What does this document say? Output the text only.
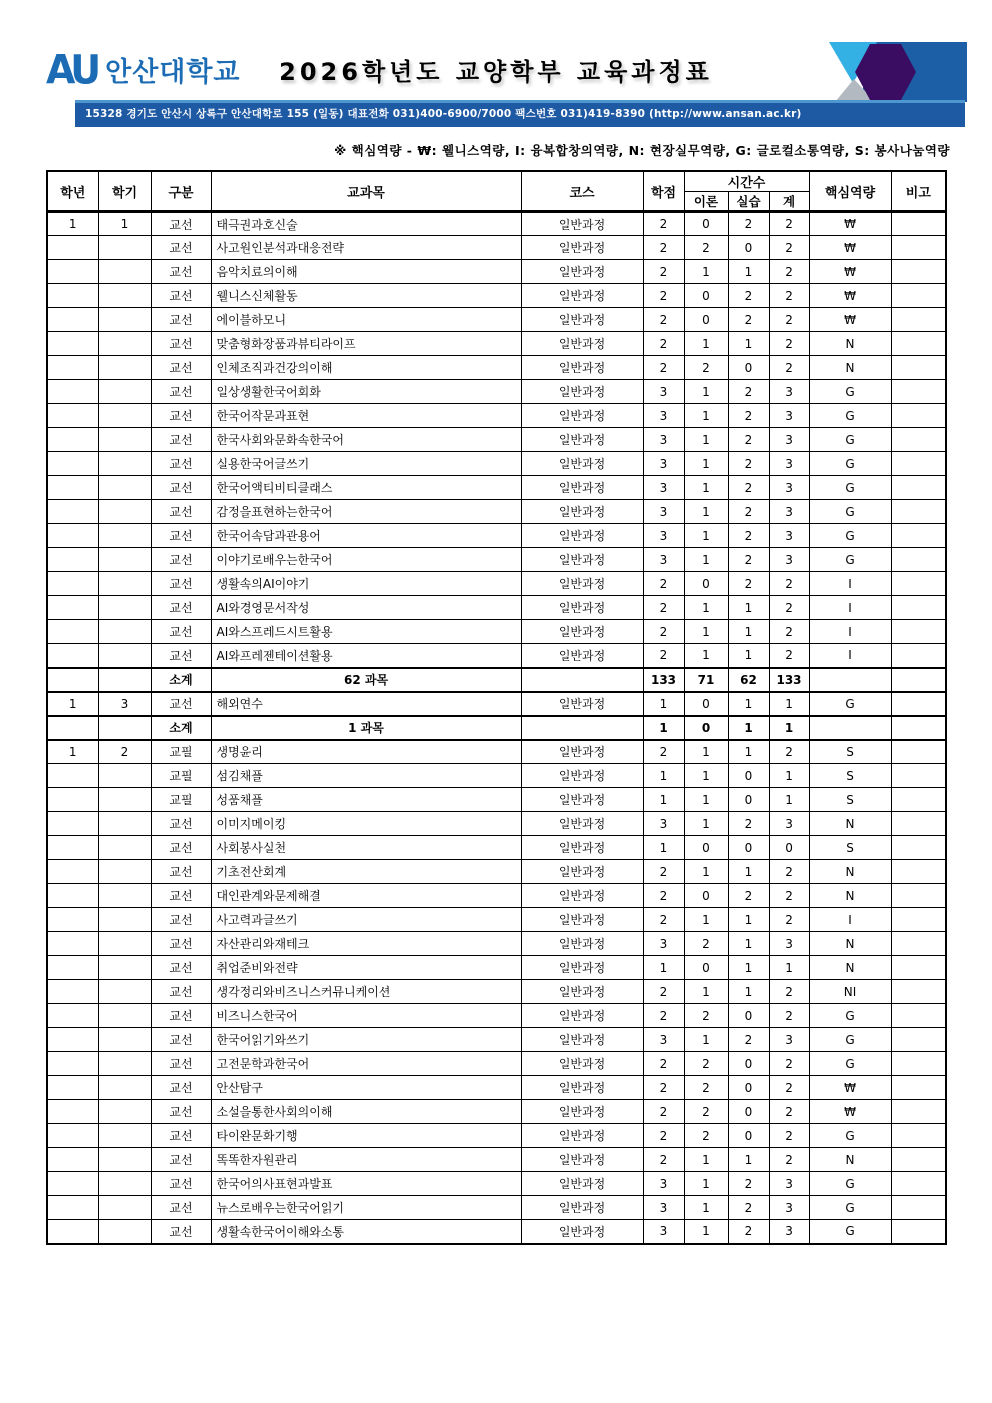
AU 안산대학교	2026학년도 교양학부 교육과정표
15328 경기도 안산시 상록구 안산대학로 155 (일동) 대표전화 031)400-6900/7000 팩스번호 031)419-8390 (http://www.ansan.ac.kr)
※ 핵심역량 - ₩: 웰니스역량, I: 융복합창의역량, N: 현장실무역량, G: 글로컬소통역량, S: 봉사나눔역량
학년	학기	구분	교과목	코스	학점	시간수			핵심역량	비고
						이론	실습	계		
1	1	교선	태극권과호신술	일반과정	2	0	2	2	₩	
		교선	사고원인분석과대응전략	일반과정	2	2	0	2	₩	
		교선	음악치료의이해	일반과정	2	1	1	2	₩	
		교선	웰니스신체활동	일반과정	2	0	2	2	₩	
		교선	에이블하모니	일반과정	2	0	2	2	₩	
		교선	맞춤형화장품과뷰티라이프	일반과정	2	1	1	2	N	
		교선	인체조직과건강의이해	일반과정	2	2	0	2	N	
		교선	일상생활한국어회화	일반과정	3	1	2	3	G	
		교선	한국어작문과표현	일반과정	3	1	2	3	G	
		교선	한국사회와문화속한국어	일반과정	3	1	2	3	G	
		교선	실용한국어글쓰기	일반과정	3	1	2	3	G	
		교선	한국어액티비티클래스	일반과정	3	1	2	3	G	
		교선	감정을표현하는한국어	일반과정	3	1	2	3	G	
		교선	한국어속담과관용어	일반과정	3	1	2	3	G	
		교선	이야기로배우는한국어	일반과정	3	1	2	3	G	
		교선	생활속의AI이야기	일반과정	2	0	2	2	I	
		교선	AI와경영문서작성	일반과정	2	1	1	2	I	
		교선	AI와스프레드시트활용	일반과정	2	1	1	2	I	
		교선	AI와프레젠테이션활용	일반과정	2	1	1	2	I	
		소계	62 과목		133	71	62	133		
1	3	교선	해외연수	일반과정	1	0	1	1	G	
		소계	1 과목		1	0	1	1		
1	2	교필	생명윤리	일반과정	2	1	1	2	S	
		교필	섬김채플	일반과정	1	1	0	1	S	
		교필	성품채플	일반과정	1	1	0	1	S	
		교선	이미지메이킹	일반과정	3	1	2	3	N	
		교선	사회봉사실천	일반과정	1	0	0	0	S	
		교선	기초전산회계	일반과정	2	1	1	2	N	
		교선	대인관계와문제해결	일반과정	2	0	2	2	N	
		교선	사고력과글쓰기	일반과정	2	1	1	2	I	
		교선	자산관리와재테크	일반과정	3	2	1	3	N	
		교선	취업준비와전략	일반과정	1	0	1	1	N	
		교선	생각정리와비즈니스커뮤니케이션	일반과정	2	1	1	2	NI	
		교선	비즈니스한국어	일반과정	2	2	0	2	G	
		교선	한국어읽기와쓰기	일반과정	3	1	2	3	G	
		교선	고전문학과한국어	일반과정	2	2	0	2	G	
		교선	안산탐구	일반과정	2	2	0	2	₩	
		교선	소설을통한사회의이해	일반과정	2	2	0	2	₩	
		교선	타이완문화기행	일반과정	2	2	0	2	G	
		교선	똑똑한자원관리	일반과정	2	1	1	2	N	
		교선	한국어의사표현과발표	일반과정	3	1	2	3	G	
		교선	뉴스로배우는한국어읽기	일반과정	3	1	2	3	G	
		교선	생활속한국어이해와소통	일반과정	3	1	2	3	G	
